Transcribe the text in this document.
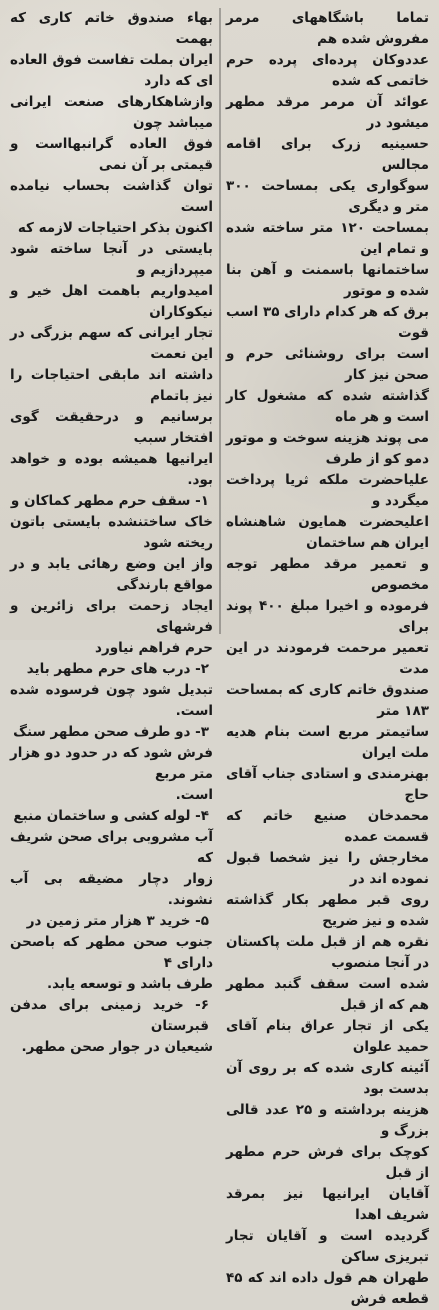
تماما باشگاههای مرمر مفروش شده هم
عددوکان پرده‌ای پرده حرم خاتمی که شده
عوائد آن مرمر مرقد مطهر میشود در
حسینیه زرک برای اقامه مجالس
سوگواری یکی بمساحت ۳۰۰ متر و دیگری
بمساحت ۱۲۰ متر ساخته شده و تمام این
ساختمانها باسمنت و آهن بنا شده و موتور
برق که هر کدام دارای ۳۵ اسب قوت
است برای روشنائی حرم و صحن نیز کار
گذاشته شده که مشغول کار است و هر ماه
می پوند هزینه سوخت و موتور دمو کو از طرف
علیاحضرت ملکه ثریا پرداخت میگردد و
اعلیحضرت همایون شاهنشاه ایران هم ساختمان
و تعمیر مرقد مطهر توجه مخصوص
فرموده و اخیرا مبلغ ۴۰۰ پوند برای
تعمیر مرحمت فرمودند در این مدت
صندوق خاتم کاری که بمساحت ۱۸۳ متر
ساتیمتر مربع است بنام هدیه ملت ایران
بهنرمندی و استادی جناب آقای حاج
محمدخان صنیع خاتم که قسمت عمده
مخارجش را نیز شخصا قبول نموده اند در
روی قبر مطهر بکار گذاشته شده و نیز ضریح
نقره هم از قبل ملت پاکستان در آنجا منصوب
شده است سقف گنبد مطهر هم که از قبل
یکی از تجار عراق بنام آقای حمید علوان
آئینه کاری شده که بر روی آن بدست بود
هزینه برداشته و ۲۵ عدد قالی بزرگ و
کوچک برای فرش حرم مطهر از قبل
آقایان ایرانیها نیز بمرقد شریف اهدا
گردیده است و آقایان تجار تبریزی ساکن
طهران هم قول داده اند که ۴۵ قطعه فرش
بهاء صندوق خاتم کاری که بهمت
ایران بملت تفاست فوق العاده ای که دارد
وازشاهکارهای صنعت ایرانی میباشد چون
فوق العاده گرانبهااست و قیمتی بر آن نمی
توان گذاشت بحساب نیامده است
اکنون بذکر احتیاجات لازمه که
بایستی در آنجا ساخته شود میپردازیم و
امیدواریم باهمت اهل خیر و نیکوکاران
تجار ایرانی که سهم بزرگی در این نعمت
داشته اند مابقی احتیاجات را نیز باتمام
برسانیم و درحقیقت گوی افتخار سبب
ایرانیها همیشه بوده و خواهد بود.
۱- سقف حرم مطهر کماکان و
خاک ساختنشده بایستی باتون ریخته شود
واز این وضع رهائی یابد و در مواقع بارندگی
ایجاد زحمت برای زائرین و فرشهای
حرم فراهم نیاورد
۲- درب های حرم مطهر باید
تبدیل شود چون فرسوده شده است.
۳- دو طرف صحن مطهر سنگ
فرش شود که در حدود دو هزار متر مربع
است.
۴- لوله کشی و ساختمان منبع
آب مشروبی برای صحن شریف که
زوار دچار مضیقه بی آب نشوند.
۵- خرید ۳ هزار متر زمین در
جنوب صحن مطهر که باصحن دارای ۴
طرف باشد و توسعه یابد.
۶- خرید زمینی برای مدفن قبرستان
شیعیان در جوار صحن مطهر.
